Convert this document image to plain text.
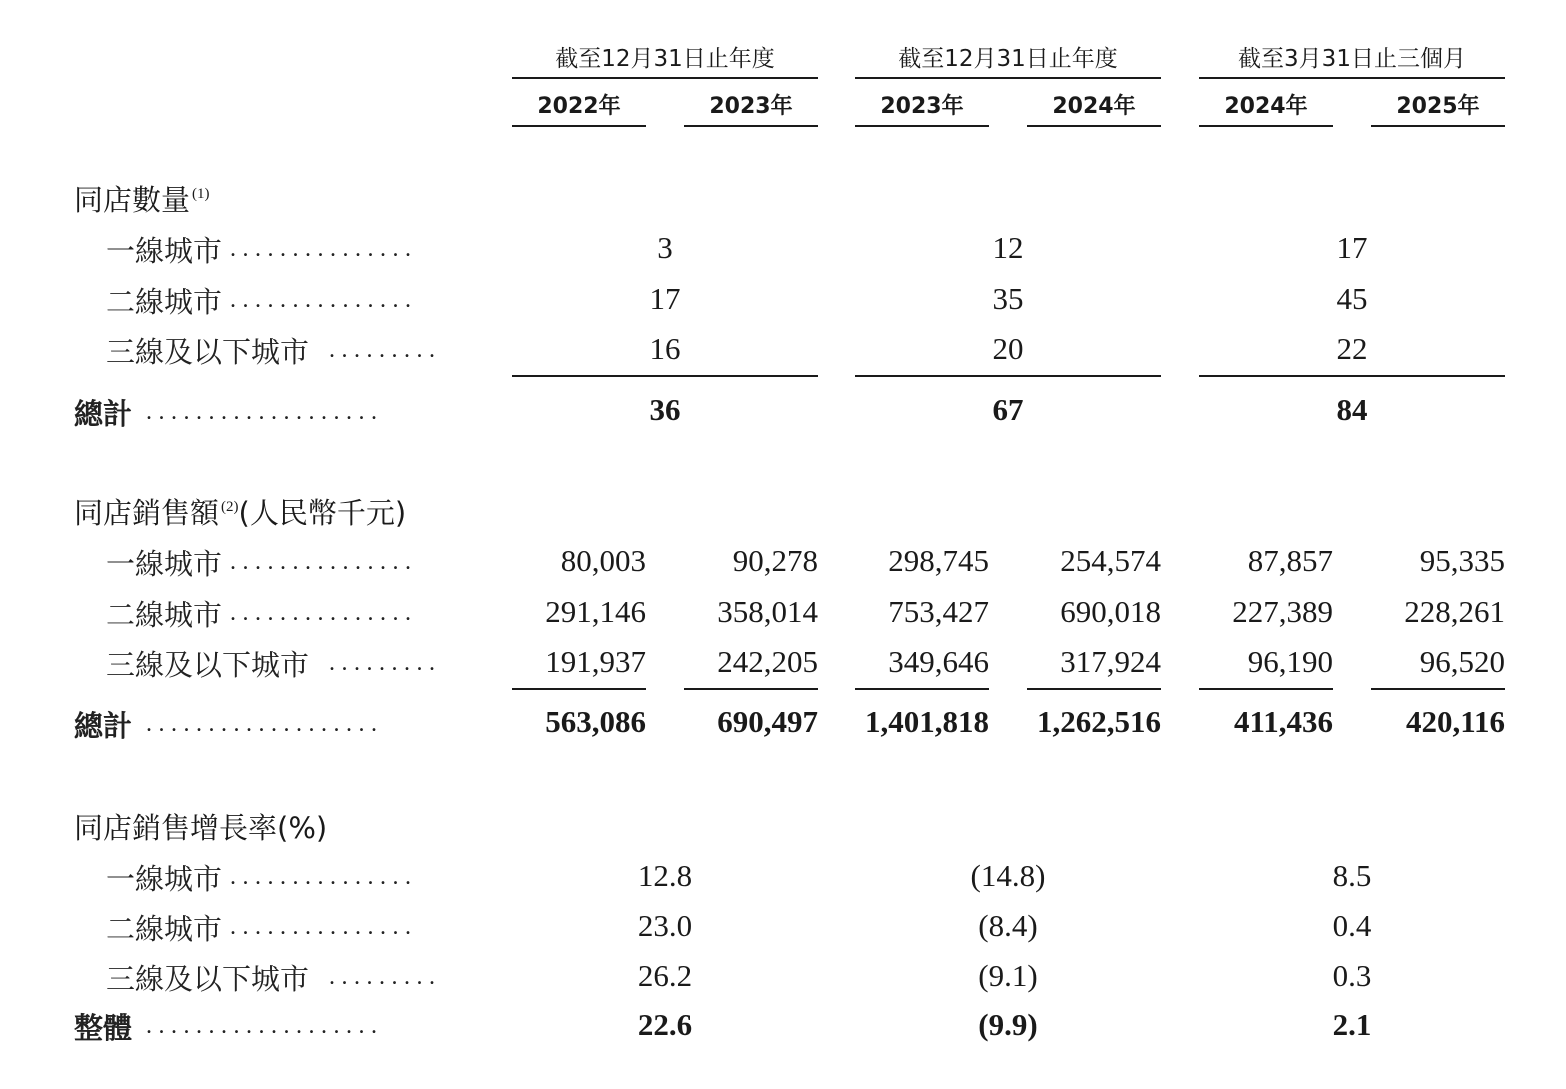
截至12月31日止年度	截至12月31日止年度	截至3月31日止三個月
2022年	2023年	2023年	2024年	2024年	2025年
同店數量 $^{(1)}$
一線城市 ...............	3	12	17
二線城市 ...............	17	35	45
三線及以下城市 .........	16	20	22
總計 ...................	36	67	84
同店銷售額 $^{(2)}$(人民幣千元)
一線城市 ...............	80,003	90,278	298,745	254,574	87,857	95,335
二線城市 ...............	291,146	358,014	753,427	690,018	227,389	228,261
三線及以下城市 .........	191,937	242,205	349,646	317,924	96,190	96,520
總計 ...................	563,086	690,497	1,401,818	1,262,516	411,436	420,116
同店銷售增長率(%)
一線城市 ...............	12.8	(14.8)	8.5
二線城市 ...............	23.0	(8.4)	0.4
三線及以下城市 .........	26.2	(9.1)	0.3
整體 ...................	22.6	(9.9)	2.1
